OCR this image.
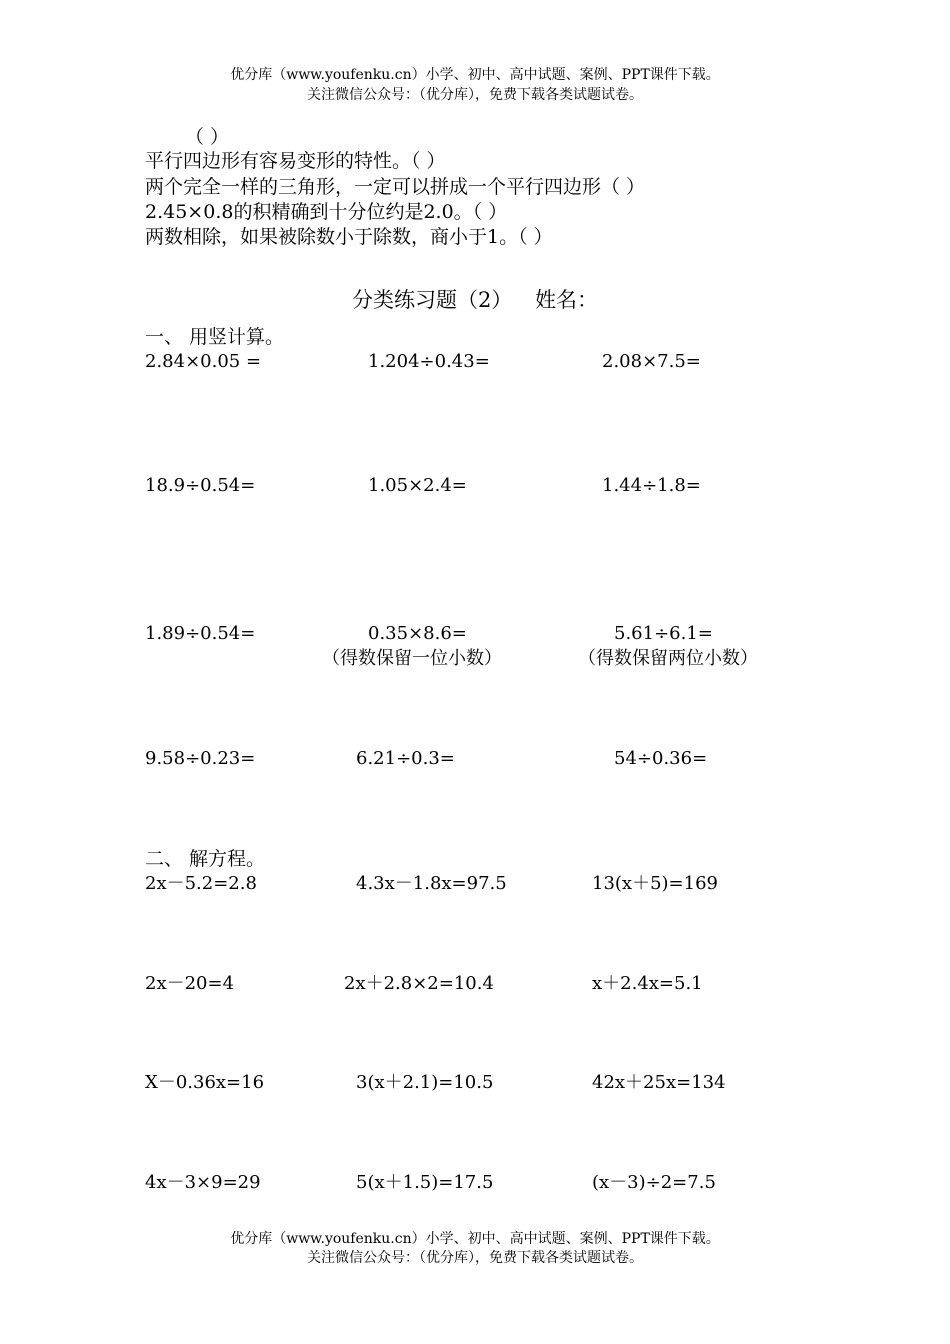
优分库（www.youfenku.cn）小学、初中、高中试题、案例、PPT课件下载。
关注微信公众号：（优分库），免费下载各类试题试卷。
（ ）
平行四边形有容易变形的特性。（ ）
两个完全一样的三角形，一定可以拼成一个平行四边形（ ）
2.45×0.8的积精确到十分位约是2.0。（ ）
两数相除，如果被除数小于除数，商小于1。（ ）
分类练习题（2） 姓名：
一、 用竖计算。
2.84×0.05 =	1.204÷0.43=	2.08×7.5=
18.9÷0.54=	1.05×2.4=	1.44÷1.8=
1.89÷0.54=	0.35×8.6=	5.61÷6.1=
（得数保留一位小数）	（得数保留两位小数）
9.58÷0.23=	6.21÷0.3=	54÷0.36=
二、 解方程。
2x－5.2=2.8	4.3x－1.8x=97.5	13(x＋5)=169
2x－20=4	2x＋2.8×2=10.4	x＋2.4x=5.1
X－0.36x=16	3(x＋2.1)=10.5	42x＋25x=134
4x－3×9=29	5(x＋1.5)=17.5	(x－3)÷2=7.5
优分库（www.youfenku.cn）小学、初中、高中试题、案例、PPT课件下载。
关注微信公众号：（优分库），免费下载各类试题试卷。
